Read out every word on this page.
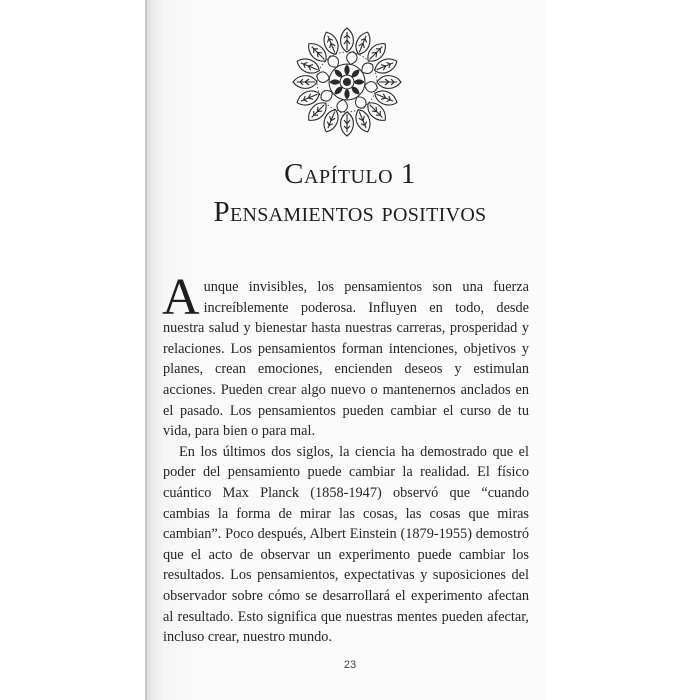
Capítulo 1
Pensamientos positivos

Aunque invisibles, los pensamientos son una fuerza increíblemente poderosa. Influyen en todo, desde nuestra salud y bienestar hasta nuestras carreras, prosperidad y relaciones. Los pensamientos forman intenciones, objetivos y planes, crean emociones, encienden deseos y estimulan acciones. Pueden crear algo nuevo o mantenernos anclados en el pasado. Los pensamientos pueden cambiar el curso de tu vida, para bien o para mal.

En los últimos dos siglos, la ciencia ha demostrado que el poder del pensamiento puede cambiar la realidad. El físico cuántico Max Planck (1858-1947) observó que “cuando cambias la forma de mirar las cosas, las cosas que miras cambian”. Poco después, Albert Einstein (1879-1955) demostró que el acto de observar un experimento puede cambiar los resultados. Los pensamientos, expectativas y suposiciones del observador sobre cómo se desarrollará el experimento afectan al resultado. Esto significa que nuestras mentes pueden afectar, incluso crear, nuestro mundo.

23
